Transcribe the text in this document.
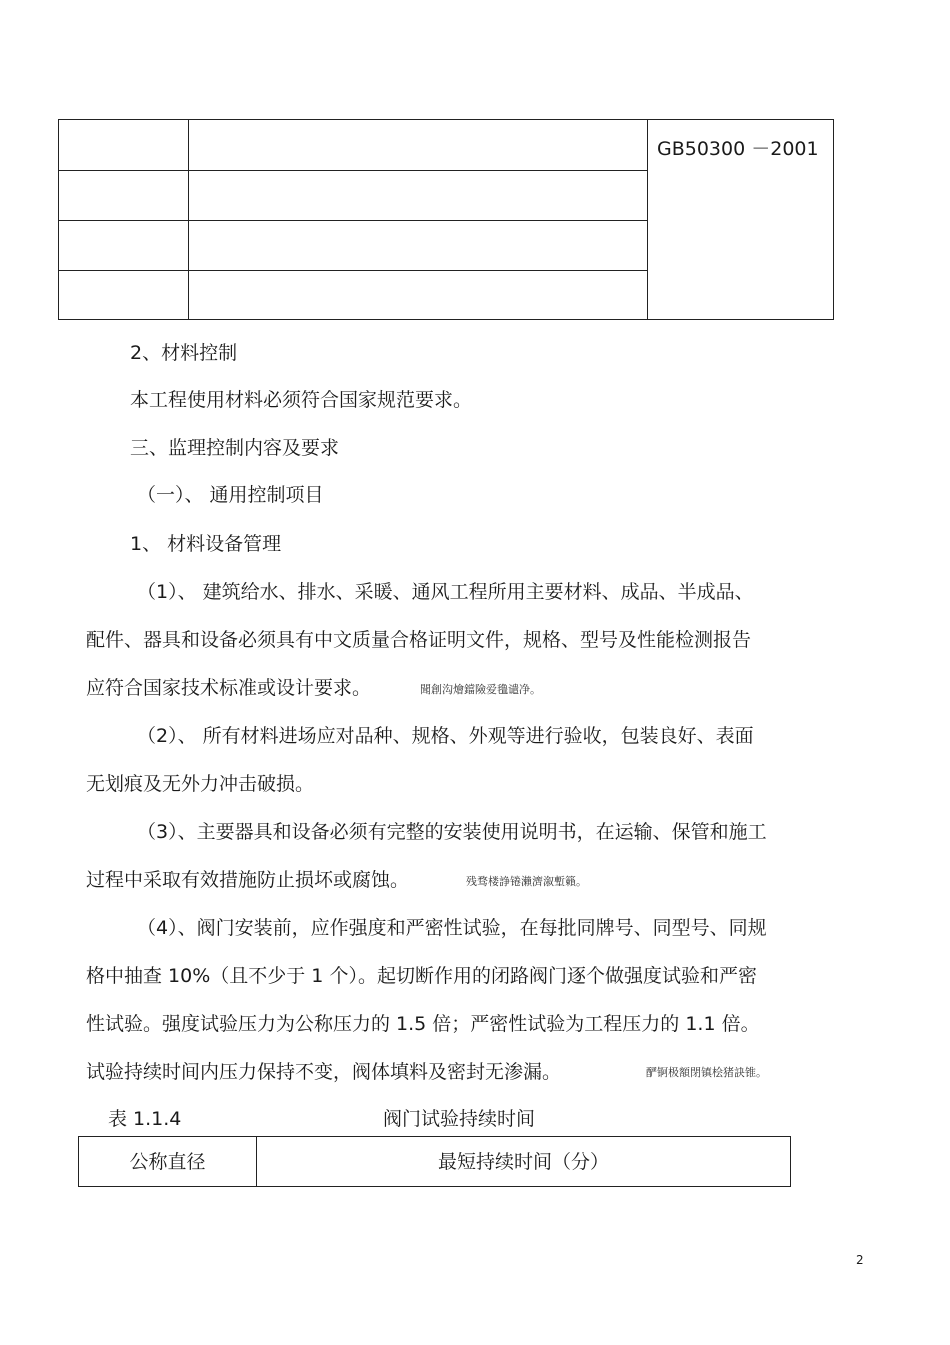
GB50300 －2001
2、材料控制
本工程使用材料必须符合国家规范要求。
三、监理控制内容及要求
（一）、 通用控制项目
1、 材料设备管理
（1）、 建筑给水、排水、采暖、通风工程所用主要材料、成品、半成品、
配件、器具和设备必须具有中文质量合格证明文件，规格、型号及性能检测报告
应符合国家技术标准或设计要求。	聞創沟燴鐺險爱氇谴净。
（2）、 所有材料进场应对品种、规格、外观等进行验收，包装良好、表面
无划痕及无外力冲击破损。
（3）、主要器具和设备必须有完整的安装使用说明书，在运输、保管和施工
过程中采取有效措施防止损坏或腐蚀。	残骛楼諍锩瀨濟溆塹籟。
（4）、阀门安装前，应作强度和严密性试验，在每批同牌号、同型号、同规
格中抽查 10%（且不少于 1 个）。起切断作用的闭路阀门逐个做强度试验和严密
性试验。强度试验压力为公称压力的 1.5 倍；严密性试验为工程压力的 1.1 倍。
试验持续时间内压力保持不变，阀体填料及密封无渗漏。	酽锕极額閉镇桧猪訣锥。
表 1.1.4	阀门试验持续时间
公称直径	最短持续时间（分）
2
